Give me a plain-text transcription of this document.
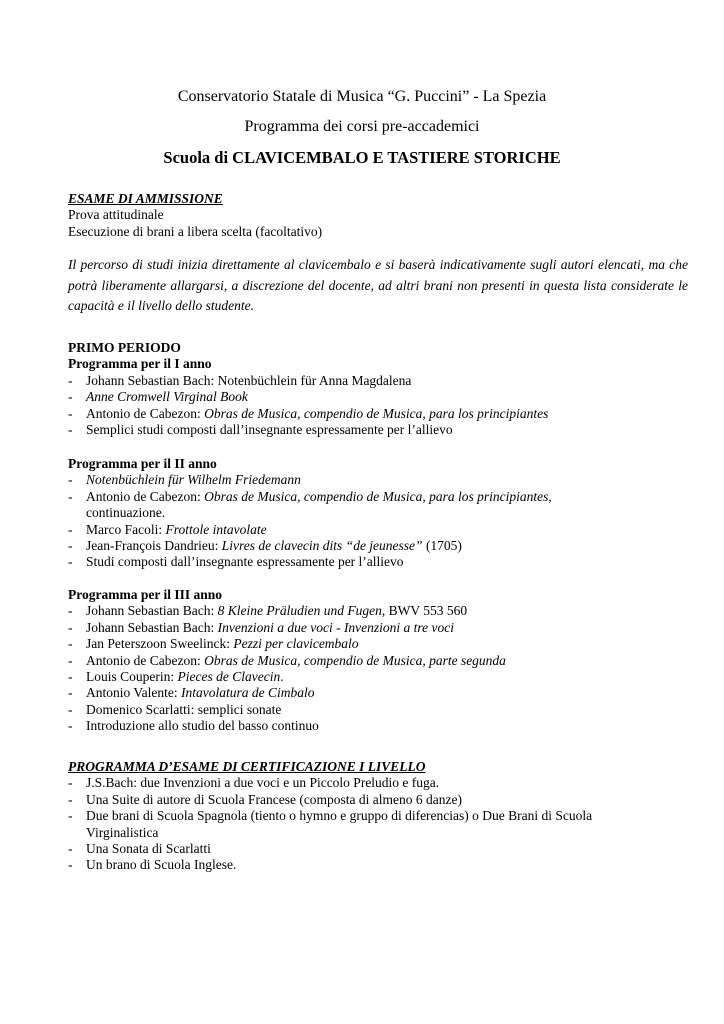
Conservatorio Statale di Musica “G. Puccini” - La Spezia
Programma dei corsi pre-accademici
Scuola di CLAVICEMBALO E TASTIERE STORICHE
ESAME DI AMMISSIONE
Prova attitudinale
Esecuzione di brani a libera scelta (facoltativo)
Il percorso di studi inizia direttamente al clavicembalo e si baserà indicativamente sugli autori elencati, ma che potrà liberamente allargarsi, a discrezione del docente, ad altri brani non presenti in questa lista considerate le capacità e il livello dello studente.
PRIMO PERIODO
Programma per il I anno
- Johann Sebastian Bach: Notenbüchlein für Anna Magdalena
- Anne Cromwell Virginal Book
- Antonio de Cabezon: Obras de Musica, compendio de Musica, para los principiantes
- Semplici studi composti dall’insegnante espressamente per l’allievo
Programma per il II anno
- Notenbüchlein für Wilhelm Friedemann
- Antonio de Cabezon: Obras de Musica, compendio de Musica, para los principiantes, continuazione.
- Marco Facoli: Frottole intavolate
- Jean-François Dandrieu: Livres de clavecin dits “de jeunesse” (1705)
- Studi composti dall’insegnante espressamente per l’allievo
Programma per il III anno
- Johann Sebastian Bach: 8 Kleine Präludien und Fugen, BWV 553 560
- Johann Sebastian Bach: Invenzioni a due voci - Invenzioni a tre voci
- Jan Peterszoon Sweelinck: Pezzi per clavicembalo
- Antonio de Cabezon: Obras de Musica, compendio de Musica, parte segunda
- Louis Couperin: Pieces de Clavecin.
- Antonio Valente: Intavolatura de Cimbalo
- Domenico Scarlatti: semplici sonate
- Introduzione allo studio del basso continuo
PROGRAMMA D’ESAME DI CERTIFICAZIONE I LIVELLO
- J.S.Bach: due Invenzioni a due voci e un Piccolo Preludio e fuga.
- Una Suite di autore di Scuola Francese (composta di almeno 6 danze)
- Due brani di Scuola Spagnola (tiento o hymno e gruppo di diferencias) o Due Brani di Scuola Virginalistica
- Una Sonata di Scarlatti
- Un brano di Scuola Inglese.
